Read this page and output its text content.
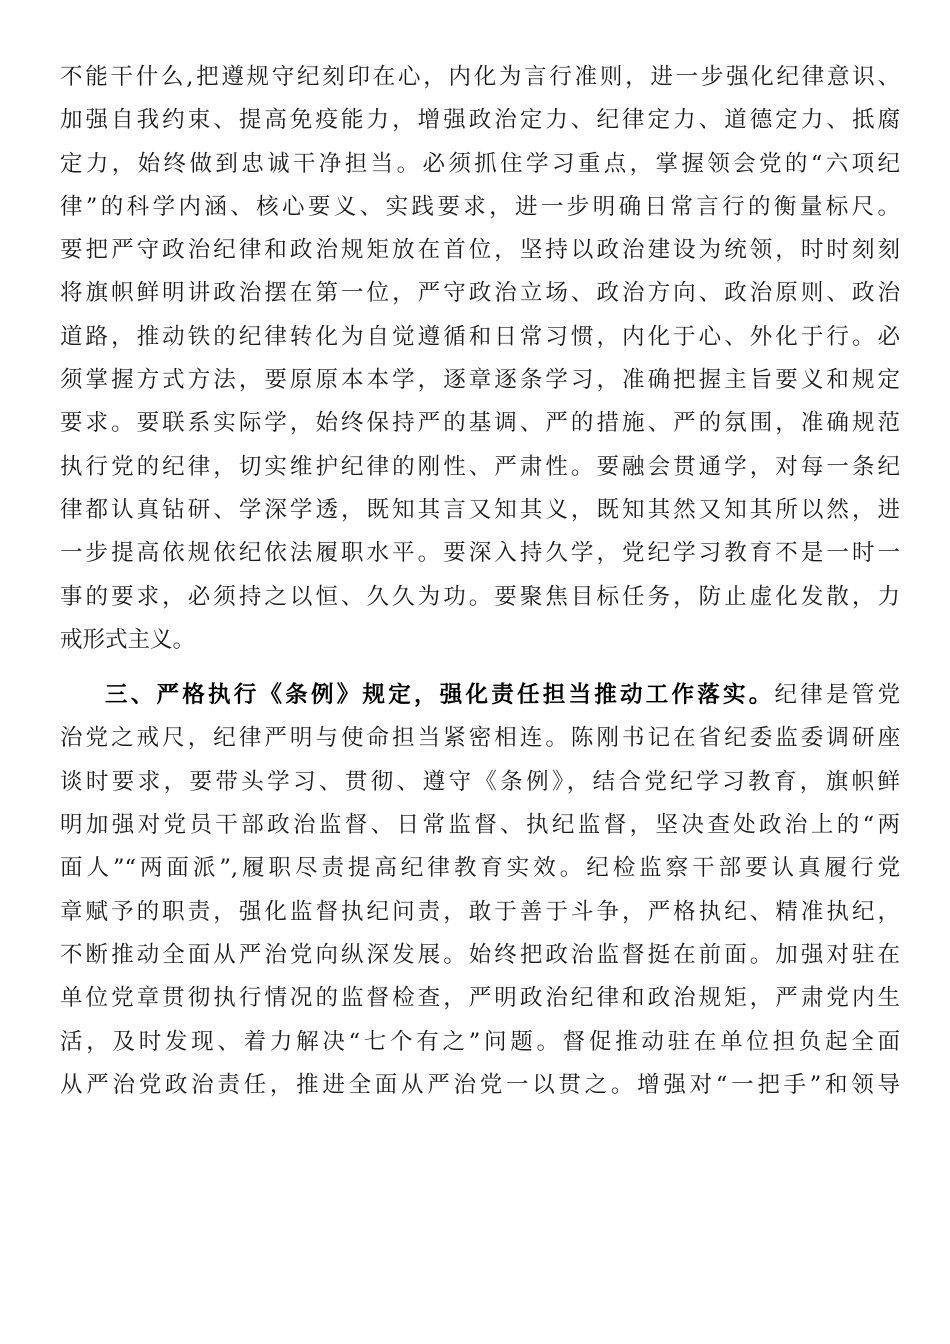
不能干什么,把遵规守纪刻印在心，内化为言行准则，进一步强化纪律意识、
加强自我约束、提高免疫能力，增强政治定力、纪律定力、道德定力、抵腐
定力，始终做到忠诚干净担当。必须抓住学习重点，掌握领会党的“六项纪
律”的科学内涵、核心要义、实践要求，进一步明确日常言行的衡量标尺。
要把严守政治纪律和政治规矩放在首位，坚持以政治建设为统领，时时刻刻
将旗帜鲜明讲政治摆在第一位，严守政治立场、政治方向、政治原则、政治
道路，推动铁的纪律转化为自觉遵循和日常习惯，内化于心、外化于行。必
须掌握方式方法，要原原本本学，逐章逐条学习，准确把握主旨要义和规定
要求。要联系实际学，始终保持严的基调、严的措施、严的氛围，准确规范
执行党的纪律，切实维护纪律的刚性、严肃性。要融会贯通学，对每一条纪
律都认真钻研、学深学透，既知其言又知其义，既知其然又知其所以然，进
一步提高依规依纪依法履职水平。要深入持久学，党纪学习教育不是一时一
事的要求，必须持之以恒、久久为功。要聚焦目标任务，防止虚化发散，力
戒形式主义。
三、严格执行《条例》规定，强化责任担当推动工作落实。纪律是管党
治党之戒尺，纪律严明与使命担当紧密相连。陈刚书记在省纪委监委调研座
谈时要求，要带头学习、贯彻、遵守《条例》，结合党纪学习教育，旗帜鲜
明加强对党员干部政治监督、日常监督、执纪监督，坚决查处政治上的“两
面人”“两面派”,履职尽责提高纪律教育实效。纪检监察干部要认真履行党
章赋予的职责，强化监督执纪问责，敢于善于斗争，严格执纪、精准执纪，
不断推动全面从严治党向纵深发展。始终把政治监督挺在前面。加强对驻在
单位党章贯彻执行情况的监督检查，严明政治纪律和政治规矩，严肃党内生
活，及时发现、着力解决“七个有之”问题。督促推动驻在单位担负起全面
从严治党政治责任，推进全面从严治党一以贯之。增强对“一把手”和领导
